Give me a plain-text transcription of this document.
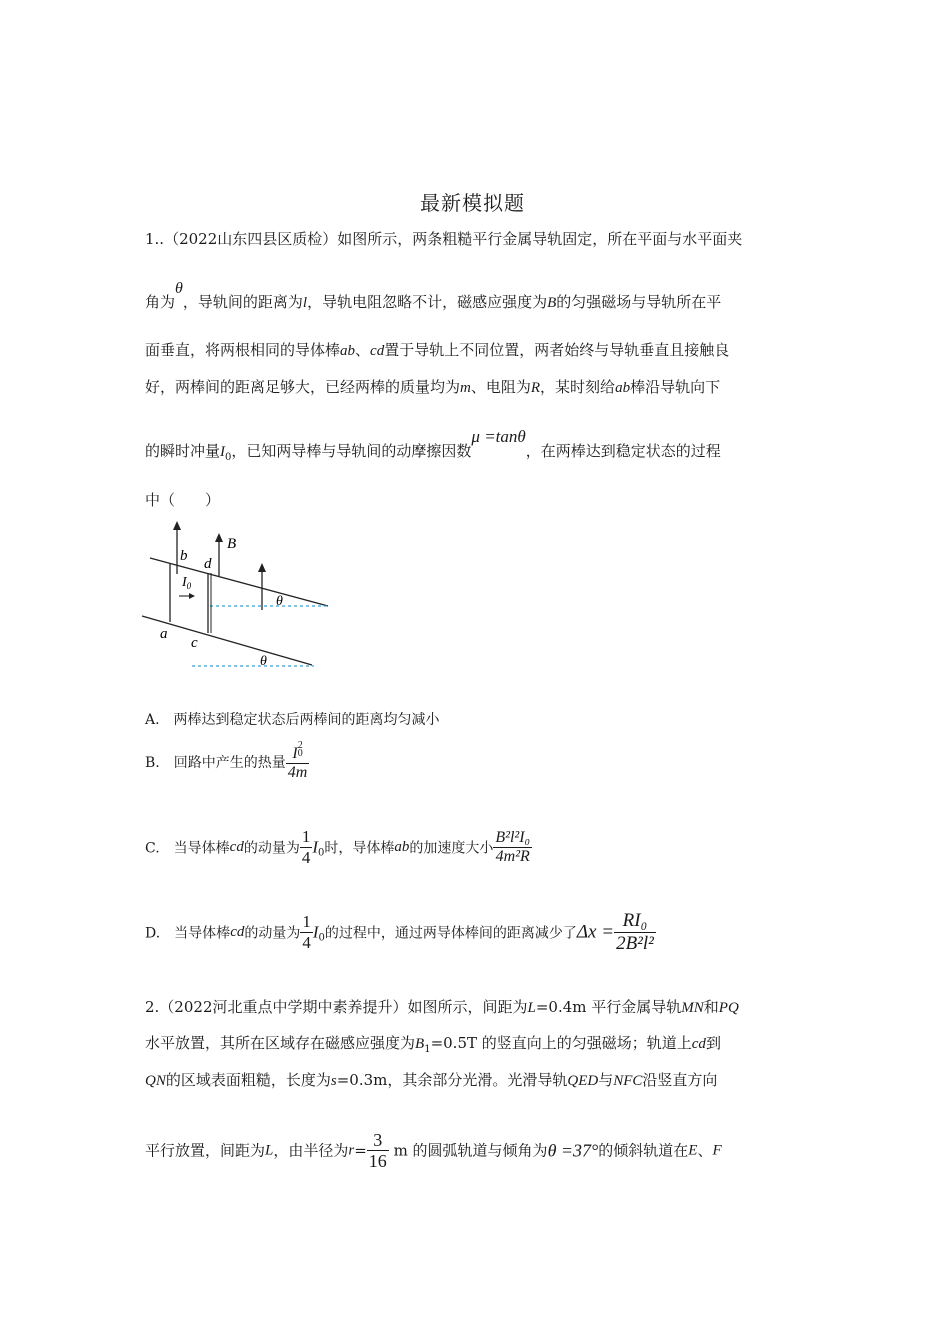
最新模拟题
1..（2022山东四县区质检）如图所示，两条粗糙平行金属导轨固定，所在平面与水平面夹
角为θ，导轨间的距离为l，导轨电阻忽略不计，磁感应强度为B的匀强磁场与导轨所在平
面垂直，将两根相同的导体棒ab、cd置于导轨上不同位置，两者始终与导轨垂直且接触良
好，两棒间的距离足够大，已经两棒的质量均为m、电阻为R，某时刻给ab棒沿导轨向下
的瞬时冲量$I_0$，已知两导棒与导轨间的动摩擦因数μ =tanθ，在两棒达到稳定状态的过程
中（　　）
b d
B
$I_0$
a
c
θ
θ
A.　两棒达到稳定状态后两棒间的距离均匀减小
B.　回路中产生的热量 I 2
0
4m
C.　当导体棒cd的动量为 $\frac{1}{4} I_0$时，导体棒ab的加速度大小 $\frac{\text{B²l²I₀}}{\text{4m²R}}$
D.　当导体棒cd的动量为 $\frac{1}{4} I_0$的过程中，通过两导体棒间的距离减少了$\Delta x = \frac{\text{RI₀}}{\text{2B²l²}}$
2.（2022河北重点中学期中素养提升）如图所示，间距为L=0.4m 平行金属导轨MN和PQ
水平放置，其所在区域存在磁感应强度为$B_1=0.5T$ 的竖直向上的匀强磁场；轨道上cd到
QN的区域表面粗糙，长度为s=0.3m，其余部分光滑。光滑导轨QED与NFC沿竖直方向
平行放置，间距为L，由半径为$r= \frac{3}{16}$ m 的圆弧轨道与倾角为θ =37°的倾斜轨道在E、F
